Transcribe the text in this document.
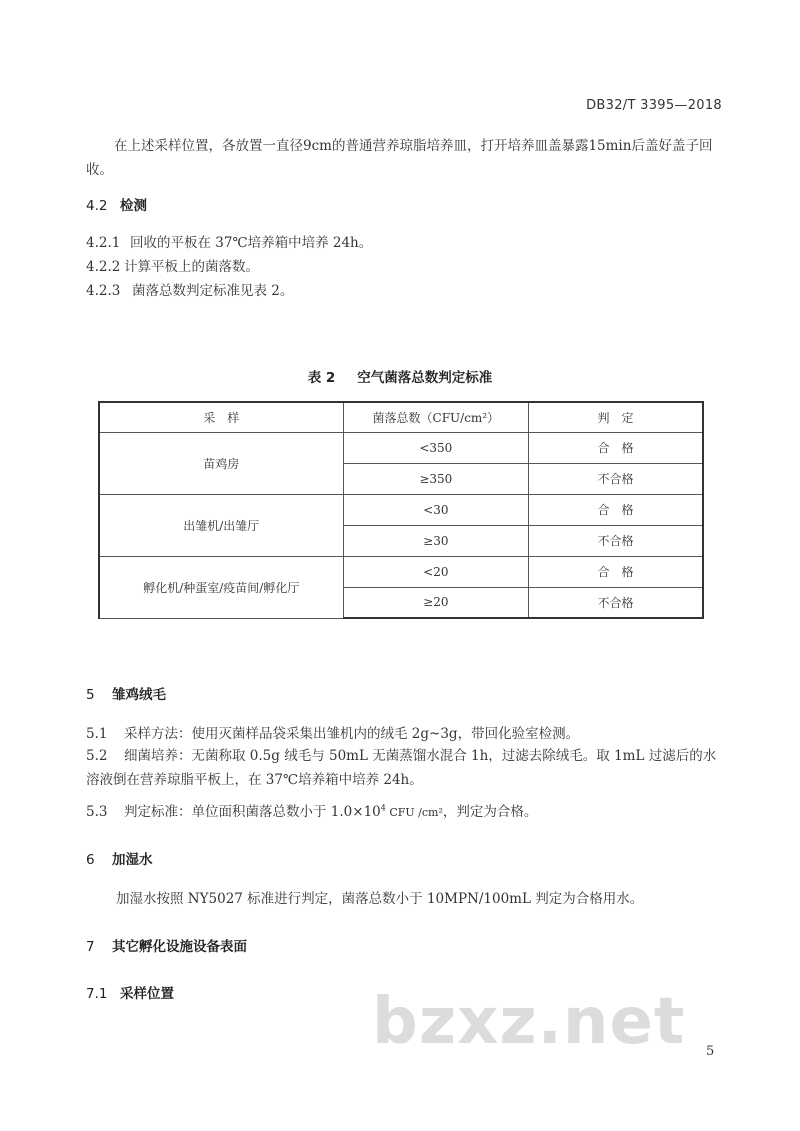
DB32/T 3395—2018

在上述采样位置，各放置一直径9cm的普通营养琼脂培养皿，打开培养皿盖暴露15min后盖好盖子回收。

4.2 检测
4.2.1 回收的平板在 37℃培养箱中培养 24h。
4.2.2 计算平板上的菌落数。
4.2.3 菌落总数判定标准见表 2。
表 2 空气菌落总数判定标准
采　样	菌落总数（CFU/cm²）	判　定
苗鸡房	<350	合　格
	≥350	不合格
出雏机/出雏厅	<30	合　格
	≥30	不合格
孵化机/种蛋室/疫苗间/孵化厅	<20	合　格
	≥20	不合格
5 雏鸡绒毛
5.1 采样方法：使用灭菌样品袋采集出雏机内的绒毛 2g~3g，带回化验室检测。
5.2 细菌培养：无菌称取 0.5g 绒毛与 50mL 无菌蒸馏水混合 1h，过滤去除绒毛。取 1mL 过滤后的水溶液倒在营养琼脂平板上，在 37℃培养箱中培养 24h。
5.3 判定标准：单位面积菌落总数小于 $1.0\times 10^4$ CFU /cm²，判定为合格。
6 加湿水

加湿水按照 NY5027 标准进行判定，菌落总数小于 10MPN/100mL 判定为合格用水。

7 其它孵化设施设备表面
7.1 采样位置	bzxz.net 5
